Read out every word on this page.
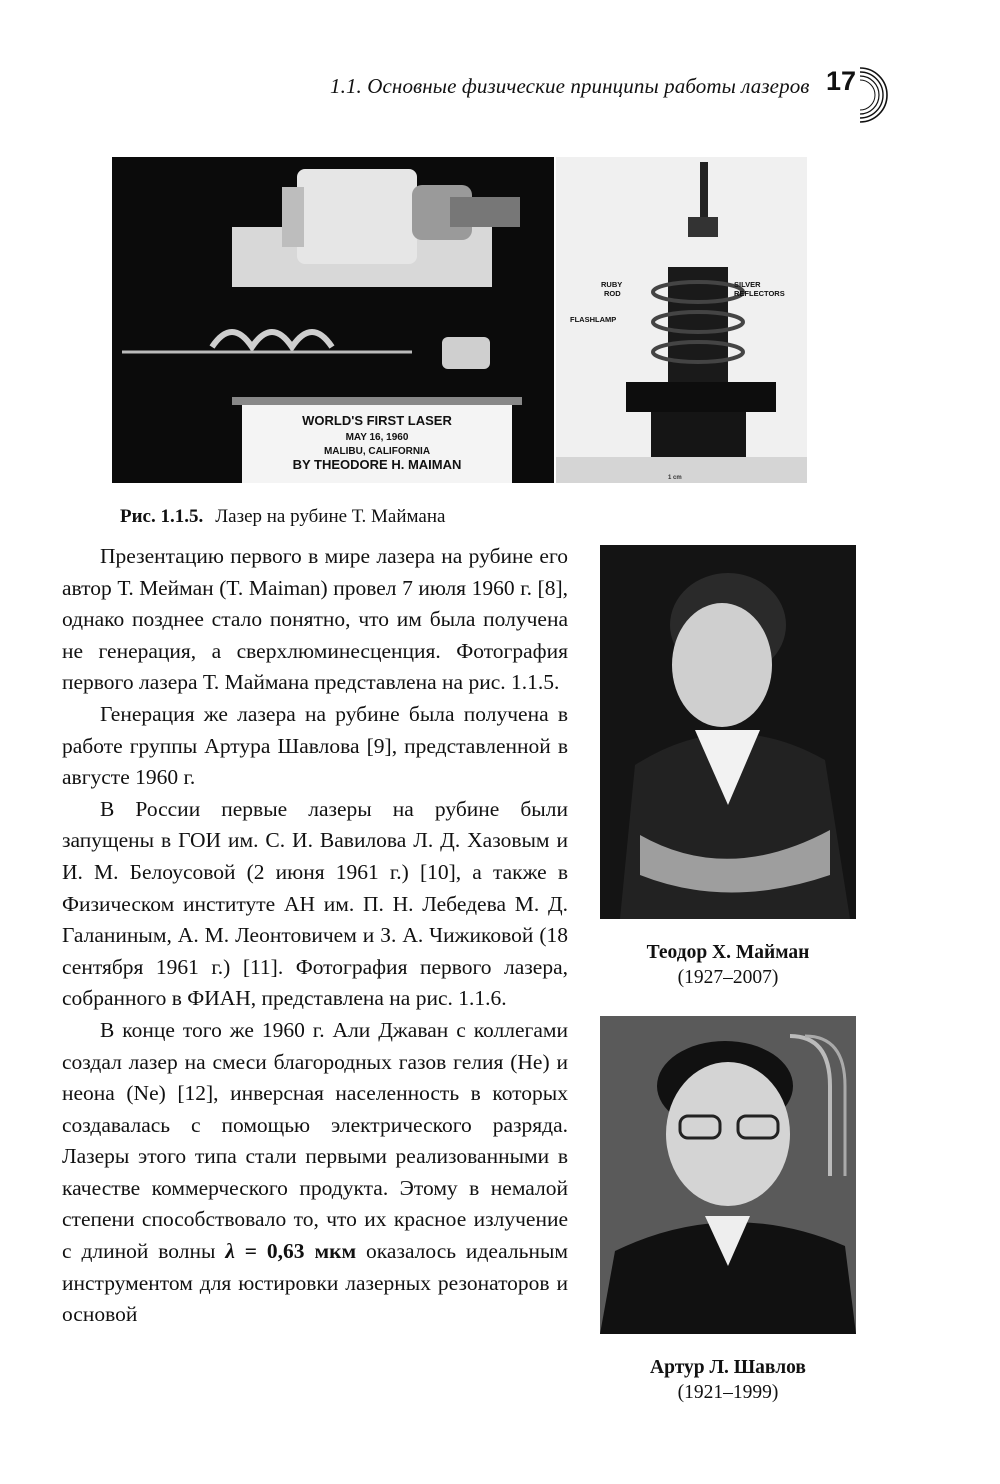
1.1. Основные физические принципы работы лазеров 17
WORLD'S FIRST LASER
MAY 16, 1960
MALIBU, CALIFORNIA
BY THEODORE H. MAIMAN
RUBY
ROD
SILVER
REFLECTORS
FLASHLAMP
1 cm
Рис. 1.1.5. Лазер на рубине Т. Маймана

Презентацию первого в мире лазера на рубине его автор Т. Мейман (T. Maiman) провел 7 июля 1960 г. [8], однако позднее стало понятно, что им была получена не генерация, а сверхлюминесценция. Фотография первого лазера Т. Маймана представлена на рис. 1.1.5.

Генерация же лазера на рубине была получена в работе группы Артура Шавлова [9], представленной в августе 1960 г.

В России первые лазеры на рубине были запущены в ГОИ им. С. И. Вавилова Л. Д. Хазовым и И. М. Белоусовой (2 июня 1961 г.) [10], а также в Физическом институте АН им. П. Н. Лебедева М. Д. Галаниным, А. М. Леонтовичем и З. А. Чижиковой (18 сентября 1961 г.) [11]. Фотография первого лазера, собранного в ФИАН, представлена на рис. 1.1.6.

В конце того же 1960 г. Али Джаван с коллегами создал лазер на смеси благородных газов гелия (He) и неона (Ne) [12], инверсная населенность в которых создавалась с помощью электрического разряда. Лазеры этого типа стали первыми реализованными в качестве коммерческого продукта. Этому в немалой степени способствовало то, что их красное излучение с длиной волны λ = 0,63 мкм оказалось идеальным инструментом для юстировки лазерных резонаторов и основой

Теодор Х. Майман
(1927–2007)
Артур Л. Шавлов
(1921–1999)
